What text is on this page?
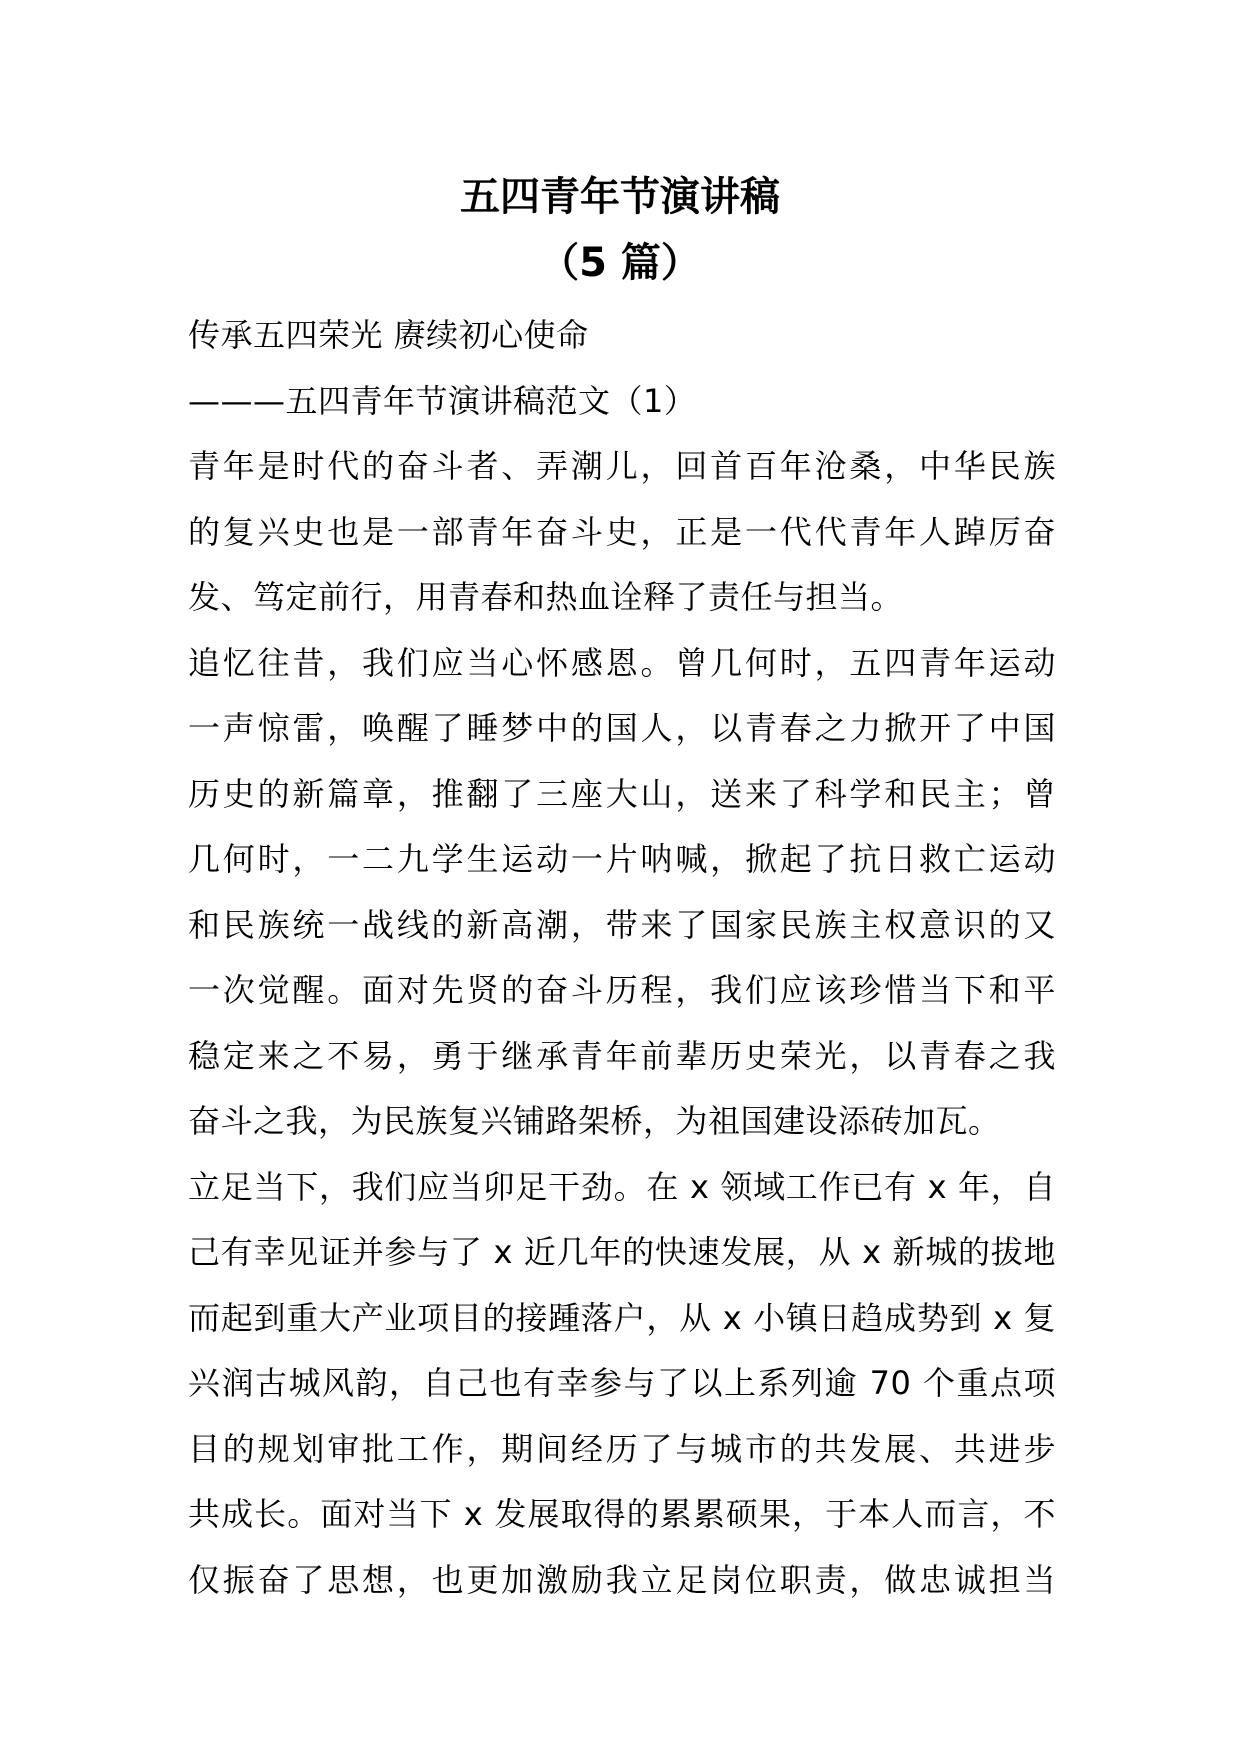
五四青年节演讲稿
（5 篇）

传承五四荣光 赓续初心使命

———五四青年节演讲稿范文（1）

青年是时代的奋斗者、弄潮儿，回首百年沧桑，中华民族

的复兴史也是一部青年奋斗史，正是一代代青年人踔厉奋

发、笃定前行，用青春和热血诠释了责任与担当。

追忆往昔，我们应当心怀感恩。曾几何时，五四青年运动

一声惊雷，唤醒了睡梦中的国人，以青春之力掀开了中国

历史的新篇章，推翻了三座大山，送来了科学和民主；曾

几何时，一二九学生运动一片呐喊，掀起了抗日救亡运动

和民族统一战线的新高潮，带来了国家民族主权意识的又

一次觉醒。面对先贤的奋斗历程，我们应该珍惜当下和平

稳定来之不易，勇于继承青年前辈历史荣光，以青春之我

奋斗之我，为民族复兴铺路架桥，为祖国建设添砖加瓦。

立足当下，我们应当卯足干劲。在 x 领域工作已有 x 年，自

己有幸见证并参与了 x 近几年的快速发展，从 x 新城的拔地

而起到重大产业项目的接踵落户，从 x 小镇日趋成势到 x 复

兴润古城风韵，自己也有幸参与了以上系列逾 70 个重点项

目的规划审批工作，期间经历了与城市的共发展、共进步

共成长。面对当下 x 发展取得的累累硕果，于本人而言，不

仅振奋了思想，也更加激励我立足岗位职责，做忠诚担当
